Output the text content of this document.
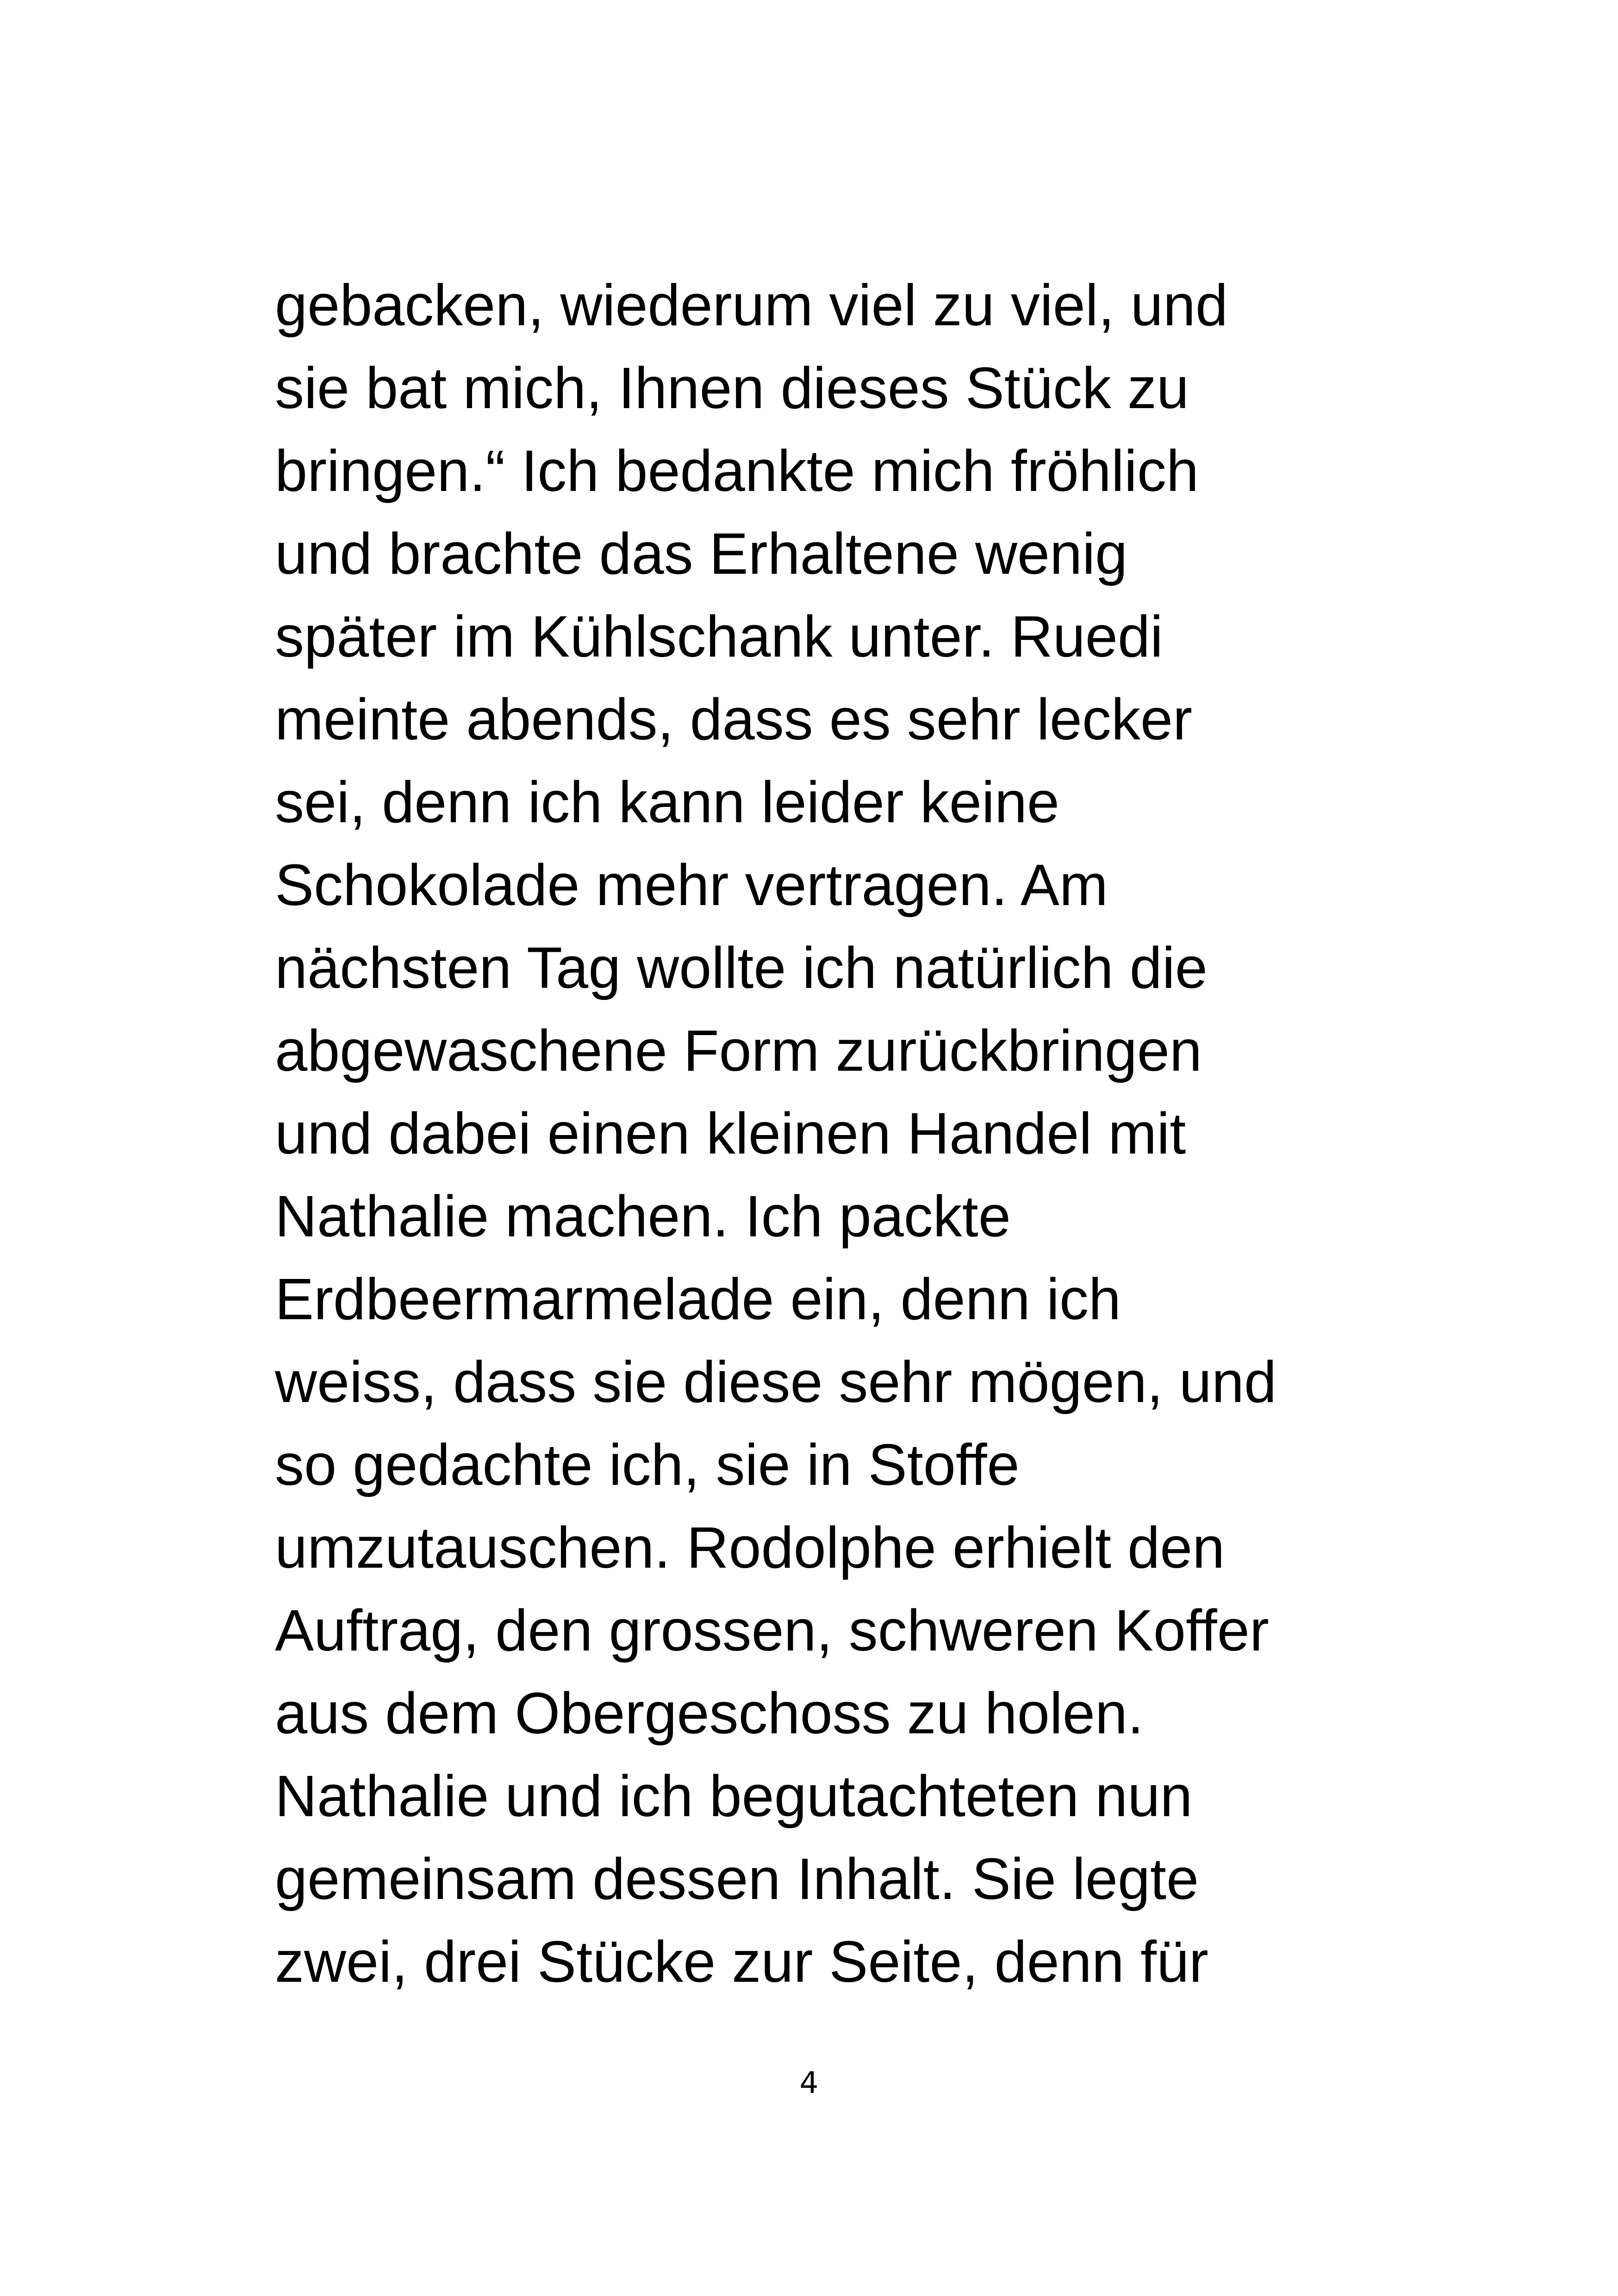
gebacken, wiederum viel zu viel, und
sie bat mich, Ihnen dieses Stück zu
bringen.“ Ich bedankte mich fröhlich
und brachte das Erhaltene wenig
später im Kühlschank unter. Ruedi
meinte abends, dass es sehr lecker
sei, denn ich kann leider keine
Schokolade mehr vertragen. Am
nächsten Tag wollte ich natürlich die
abgewaschene Form zurückbringen
und dabei einen kleinen Handel mit
Nathalie machen. Ich packte
Erdbeermarmelade ein, denn ich
weiss, dass sie diese sehr mögen, und
so gedachte ich, sie in Stoffe
umzutauschen. Rodolphe erhielt den
Auftrag, den grossen, schweren Koffer
aus dem Obergeschoss zu holen.
Nathalie und ich begutachteten nun
gemeinsam dessen Inhalt. Sie legte
zwei, drei Stücke zur Seite, denn für
4
